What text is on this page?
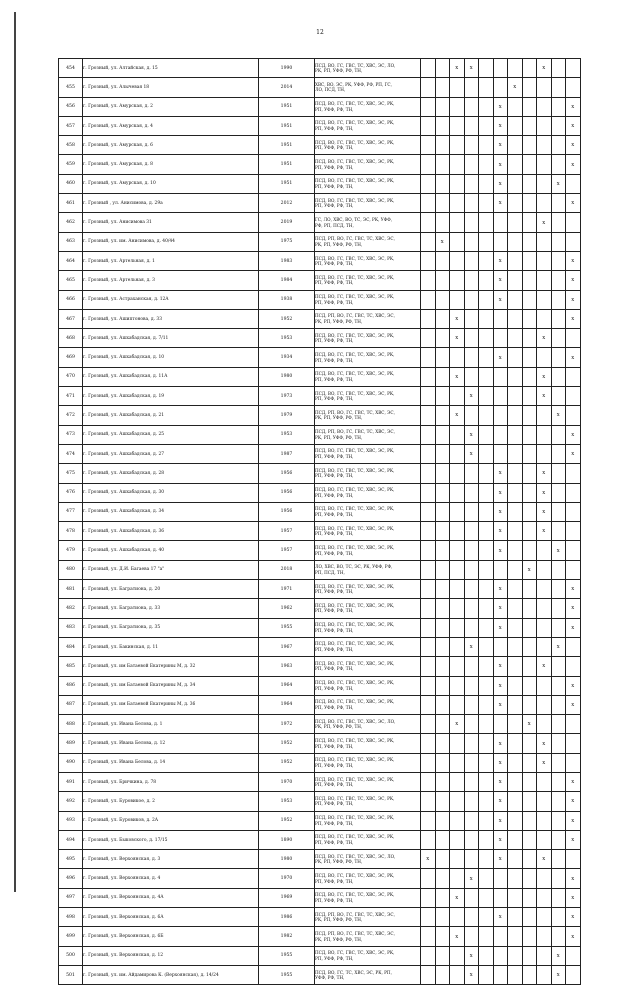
12
454	г. Грозный, ул. Алтайская, д. 15	1990	ПСД, ВО, ГС, ГВС, ТС, ХВС, ЭС, ЛО,
РК, РП, УФФ, РФ, ТН,			x	x					x		
455	г. Грозный, ул. Алычевая 18	2014	ХВС, ВО, ЭС, РК, УФФ, РФ, РП, ГС,
ЛО, ПСД, ТН,							x				
456	г. Грозный, ул. Амурская, д. 2	1951	ПСД, ВО, ГС, ГВС, ТС, ХВС, ЭС, РК,
РП, УФФ, РФ, ТН,						x					x
457	г. Грозный, ул. Амурская, д. 4	1951	ПСД, ВО, ГС, ГВС, ТС, ХВС, ЭС, РК,
РП, УФФ, РФ, ТН,						x					x
458	г. Грозный, ул. Амурская, д. 6	1951	ПСД, ВО, ГС, ГВС, ТС, ХВС, ЭС, РК,
РП, УФФ, РФ, ТН,						x					x
459	г. Грозный, ул. Амурская, д. 8	1951	ПСД, ВО, ГС, ГВС, ТС, ХВС, ЭС, РК,
РП, УФФ, РФ, ТН,						x					x
460	г. Грозный, ул. Амурская, д. 10	1951	ПСД, ВО, ГС, ГВС, ТС, ХВС, ЭС, РК,
РП, УФФ, РФ, ТН,						x				x	
461	г. Грозный , ул. Анисимова, д. 29а	2012	ПСД, ВО, ГС, ГВС, ТС, ХВС, ЭС, РК,
РП, УФФ, РФ, ТН,						x					x
462	г. Грозный, ул. Анисимова 31	2019	ГС, ЛО, ХВС, ВО, ТС, ЭС, РК, УФФ,
РФ, РП, ПСД, ТН,									x		
463	г. Грозный, ул. им. Анисимова, д. 40/44	1975	ПСД, РП, ВО, ГС, ГВС, ТС, ХВС, ЭС,
РК, РП, УФФ, РФ, ТН,		x									
464	г. Грозный, ул. Артельная, д. 1	1983	ПСД, ВО, ГС, ГВС, ТС, ХВС, ЭС, РК,
РП, УФФ, РФ, ТН,						x					x
465	г. Грозный, ул. Артельная, д. 3	1984	ПСД, ВО, ГС, ГВС, ТС, ХВС, ЭС, РК,
РП, УФФ, РФ, ТН,						x					x
466	г. Грозный, ул. Астраханская, д. 12А	1938	ПСД, ВО, ГС, ГВС, ТС, ХВС, ЭС, РК,
РП, УФФ, РФ, ТН,						x					x
467	г. Грозный, ул. Ашиптонова, д. 33	1952	ПСД, РП, ВО, ГС, ГВС, ТС, ХВС, ЭС,
РК, РП, УФФ, РФ, ТН,			x								x
468	г. Грозный, ул. Ашхабадская, д. 7/11	1953	ПСД, ВО, ГС, ГВС, ТС, ХВС, ЭС, РК,
РП, УФФ, РФ, ТН,			x						x		
469	г. Грозный, ул. Ашхабадская, д. 10	1934	ПСД, ВО, ГС, ГВС, ТС, ХВС, ЭС, РК,
РП, УФФ, РФ, ТН,						x					x
470	г. Грозный, ул. Ашхабадская, д. 11А	1980	ПСД, ВО, ГС, ГВС, ТС, ХВС, ЭС, РК,
РП, УФФ, РФ, ТН,			x						x		
471	г. Грозный, ул. Ашхабадская, д. 19	1973	ПСД, ВО, ГС, ГВС, ТС, ХВС, ЭС, РК,
РП, УФФ, РФ, ТН,				x					x		
472	г. Грозный, ул. Ашхабадская, д. 21	1979	ПСД, РП, ВО, ГС, ГВС, ТС, ХВС, ЭС,
РК, РП, УФФ, РФ, ТН,			x							x	
473	г. Грозный, ул. Ашхабадская, д. 25	1953	ПСД, РП, ВО, ГС, ГВС, ТС, ХВС, ЭС,
РК, РП, УФФ, РФ, ТН,				x							x
474	г. Грозный, ул. Ашхабадская, д. 27	1987	ПСД, ВО, ГС, ГВС, ТС, ХВС, ЭС, РК,
РП, УФФ, РФ, ТН,				x							x
475	г. Грозный, ул. Ашхабадская, д. 28	1956	ПСД, ВО, ГС, ГВС, ТС, ХВС, ЭС, РК,
РП, УФФ, РФ, ТН,						x			x		
476	г. Грозный, ул. Ашхабадская, д. 30	1956	ПСД, ВО, ГС, ГВС, ТС, ХВС, ЭС, РК,
РП, УФФ, РФ, ТН,						x			x		
477	г. Грозный, ул. Ашхабадская, д. 34	1956	ПСД, ВО, ГС, ГВС, ТС, ХВС, ЭС, РК,
РП, УФФ, РФ, ТН,						x			x		
478	г. Грозный, ул. Ашхабадская, д. 36	1957	ПСД, ВО, ГС, ГВС, ТС, ХВС, ЭС, РК,
РП, УФФ, РФ, ТН,						x			x		
479	г. Грозный, ул. Ашхабадская, д. 40	1957	ПСД, ВО, ГС, ГВС, ТС, ХВС, ЭС, РК,
РП, УФФ, РФ, ТН,						x				x	
480	г. Грозный, ул. Д.И. Багаева 17 "а"	2018	ЛО, ХВС, ВО, ТС, ЭС, РК, УФФ, РФ,
РП, ПСД, ТН,								x			
481	г. Грозный, ул. Багратиона, д. 20	1971	ПСД, ВО, ГС, ГВС, ТС, ХВС, ЭС, РК,
РП, УФФ, РФ, ТН,						x					x
482	г. Грозный, ул. Багратиона, д. 33	1962	ПСД, ВО, ГС, ГВС, ТС, ХВС, ЭС, РК,
РП, УФФ, РФ, ТН,						x					x
483	г. Грозный, ул. Багратиона, д. 35	1955	ПСД, ВО, ГС, ГВС, ТС, ХВС, ЭС, РК,
РП, УФФ, РФ, ТН,						x					x
484	г. Грозный, ул. Бакинская, д. 11	1967	ПСД, ВО, ГС, ГВС, ТС, ХВС, ЭС, РК,
РП, УФФ, РФ, ТН,				x						x	
485	г. Грозный, ул. им Батаевой Екатерины М, д. 32	1963	ПСД, ВО, ГС, ГВС, ТС, ХВС, ЭС, РК,
РП, УФФ, РФ, ТН,						x			x		
486	г. Грозный, ул. им Батаевой Екатерины М, д. 34	1964	ПСД, ВО, ГС, ГВС, ТС, ХВС, ЭС, РК,
РП, УФФ, РФ, ТН,						x					x
487	г. Грозный, ул. им Батаевой Екатерины М, д. 36	1964	ПСД, ВО, ГС, ГВС, ТС, ХВС, ЭС, РК,
РП, УФФ, РФ, ТН,						x					x
488	г. Грозный, ул. Ивана Белова, д. 1	1972	ПСД, ВО, ГС, ГВС, ТС, ХВС, ЭС, ЛО,
РК, РП, УФФ, РФ, ТН,			x					x			
489	г. Грозный, ул. Ивана Белова, д. 12	1952	ПСД, ВО, ГС, ГВС, ТС, ХВС, ЭС, РК,
РП, УФФ, РФ, ТН,						x			x		
490	г. Грозный, ул. Ивана Белова, д. 14	1952	ПСД, ВО, ГС, ГВС, ТС, ХВС, ЭС, РК,
РП, УФФ, РФ, ТН,						x			x		
491	г. Грозный, ул. Бричкина, д. 78	1970	ПСД, ВО, ГС, ГВС, ТС, ХВС, ЭС, РК,
РП, УФФ, РФ, ТН,						x					x
492	г. Грозный, ул. Буровикое, д. 2	1953	ПСД, ВО, ГС, ГВС, ТС, ХВС, ЭС, РК,
РП, УФФ, РФ, ТН,						x					x
493	г. Грозный, ул. Буровиков, д. 2А	1952	ПСД, ВО, ГС, ГВС, ТС, ХВС, ЭС, РК,
РП, УФФ, РФ, ТН,						x					x
494	г. Грозный, ул. Быковского, д. 17/15	1890	ПСД, ВО, ГС, ГВС, ТС, ХВС, ЭС, РК,
РП, УФФ, РФ, ТН,						x					x
495	г. Грозный, ул. Верхоянская, д. 3	1980	ПСД, ВО, ГС, ГВС, ТС, ХВС, ЭС, ЛО,
РК, РП, УФФ, РФ, ТН,	x					x			x		
496	г. Грозный, ул. Верхоянская, д. 4	1970	ПСД, ВО, ГС, ГВС, ТС, ХВС, ЭС, РК,
РП, УФФ, РФ, ТН,				x							x
497	г. Грозный, ул. Верхоянская, д. 4А	1969	ПСД, ВО, ГС, ГВС, ТС, ХВС, ЭС, РК,
РП, УФФ, РФ, ТН,			x								x
498	г. Грозный, ул. Верхоянская, д. 6А	1986	ПСД, РП, ВО, ГС, ГВС, ТС, ХВС, ЭС,
РК, РП, УФФ, РФ, ТН,						x					x
499	г. Грозный, ул. Верхоянская, д. 6Б	1982	ПСД, РП, ВО, ГС, ГВС, ТС, ХВС, ЭС,
РК, РП, УФФ, РФ, ТН,			x								x
500	г. Грозный, ул. Верхоянская, д. 12	1955	ПСД, ВО, ГС, ГВС, ТС, ХВС, ЭС, РК,
РП, УФФ, РФ, ТН,				x						x	
501	г. Грозный, ул. им. Айдамирова К. (Верхоянская), д. 14/24	1955	ПСД, ВО, ГС, ТС, ХВС, ЭС, РК, РП,
УФФ, РФ, ТН,				x						x	
